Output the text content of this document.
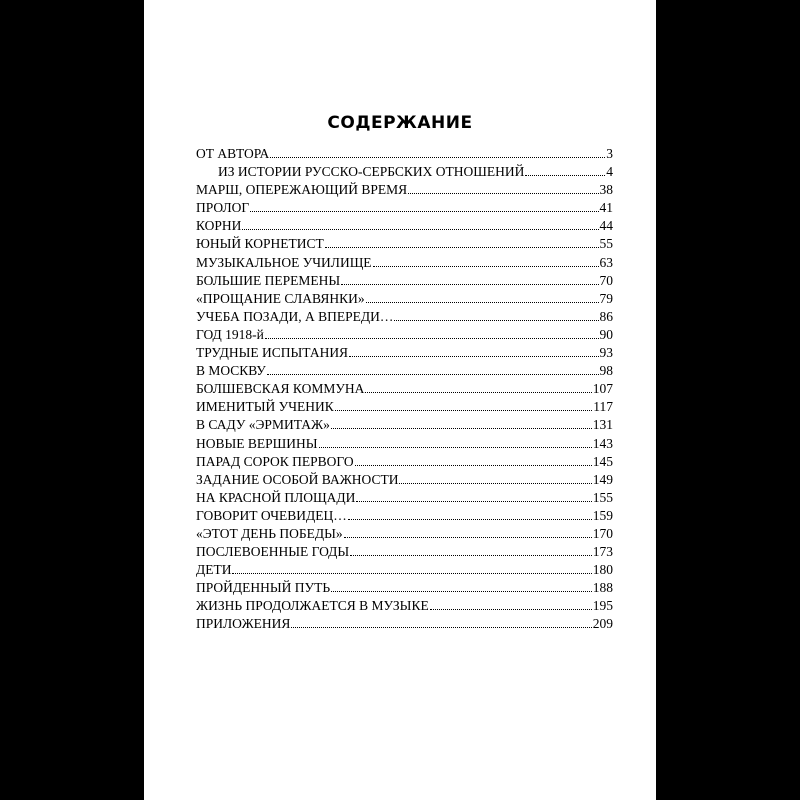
СОДЕРЖАНИЕ
ОТ АВТОРА	3
ИЗ ИСТОРИИ РУССКО-СЕРБСКИХ ОТНОШЕНИЙ	4
МАРШ, ОПЕРЕЖАЮЩИЙ ВРЕМЯ	38
ПРОЛОГ	41
КОРНИ	44
ЮНЫЙ КОРНЕТИСТ	55
МУЗЫКАЛЬНОЕ УЧИЛИЩЕ	63
БОЛЬШИЕ ПЕРЕМЕНЫ	70
«ПРОЩАНИЕ СЛАВЯНКИ»	79
УЧЕБА ПОЗАДИ, А ВПЕРЕДИ…	86
ГОД 1918-й	90
ТРУДНЫЕ ИСПЫТАНИЯ	93
В МОСКВУ	98
БОЛШЕВСКАЯ КОММУНА	107
ИМЕНИТЫЙ УЧЕНИК	117
В САДУ «ЭРМИТАЖ»	131
НОВЫЕ ВЕРШИНЫ	143
ПАРАД СОРОК ПЕРВОГО	145
ЗАДАНИЕ ОСОБОЙ ВАЖНОСТИ	149
НА КРАСНОЙ ПЛОЩАДИ	155
ГОВОРИТ ОЧЕВИДЕЦ…	159
«ЭТОТ ДЕНЬ ПОБЕДЫ»	170
ПОСЛЕВОЕННЫЕ ГОДЫ	173
ДЕТИ	180
ПРОЙДЕННЫЙ ПУТЬ	188
ЖИЗНЬ ПРОДОЛЖАЕТСЯ В МУЗЫКЕ	195
ПРИЛОЖЕНИЯ	209
